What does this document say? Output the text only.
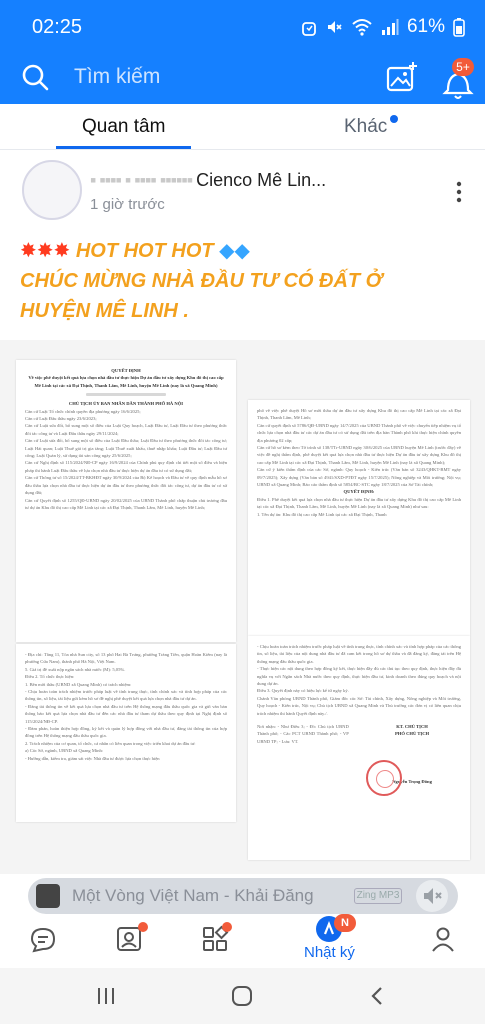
02:25	61%
Tìm kiếm	5+
Quan tâm	Khác
▪ ▪▪▪▪ ▪ ▪▪▪▪ ▪▪▪▪▪▪ Cienco Mê Lin...
1 giờ trước
✸✸✸ HOT HOT HOT ◆◆
CHÚC MỪNG NHÀ ĐẦU TƯ CÓ ĐẤT Ở
HUYỆN MÊ LINH .

QUYẾT ĐỊNH

Về việc phê duyệt kết quả lựa chọn nhà đầu tư thực hiện Dự án đầu tư xây dựng Khu đô thị cao cấp Mê Linh tại các xã Đại Thịnh, Thanh Lâm, Mê Linh, huyện Mê Linh (nay là xã Quang Minh)

CHỦ TỊCH ỦY BAN NHÂN DÂN THÀNH PHỐ HÀ NỘI

Căn cứ Luật Tổ chức chính quyền địa phương ngày 16/6/2025;

Căn cứ Luật Đấu thầu ngày 23/6/2023;

Căn cứ Luật sửa đổi, bổ sung một số điều của Luật Quy hoạch, Luật Đầu tư, Luật Đầu tư theo phương thức đối tác công tư và Luật Đấu thầu ngày 29/11/2024;

Căn cứ Luật sửa đổi, bổ sung một số điều của Luật Đầu thầu; Luật Đầu tư theo phương thức đối tác công tư; Luật Hải quan; Luật Thuế giá trị gia tăng; Luật Thuế xuất khẩu, thuế nhập khẩu; Luật Đầu tư; Luật Đầu tư công; Luật Quản lý, sử dụng tài sản công ngày 25/6/2025;

Căn cứ Nghị định số 115/2024/NĐ-CP ngày 16/9/2024 của Chính phủ quy định chi tiết một số điều và biện pháp thi hành Luật Đấu thầu về lựa chọn nhà đầu tư thực hiện dự án đầu tư có sử dụng đất;

Căn cứ Thông tư số 15/2024/TT-BKHĐT ngày 30/9/2024 của Bộ Kế hoạch và Đầu tư về quy định mẫu hồ sơ đấu thầu lựa chọn nhà đầu tư thực hiện dự án đầu tư theo phương thức đối tác công tư, dự án đầu tư có sử dụng đất;

Căn cứ Quyết định số 1255/QĐ-UBND ngày 20/02/2025 của UBND Thành phố chấp thuận chủ trương đầu tư dự án Khu đô thị cao cấp Mê Linh tại các xã Đại Thịnh, Thanh Lâm, Mê Linh, huyện Mê Linh;

phố về việc phê duyệt Hồ sơ mời thầu dự án đầu tư xây dựng Khu đô thị cao cấp Mê Linh tại các xã Đại Thịnh, Thanh Lâm, Mê Linh;

Căn cứ quyết định số 5786/QĐ-UBND ngày 14/7/2025 của UBND Thành phố về việc chuyển tiếp nhiệm vụ tổ chức lựa chọn nhà đầu tư các dự án đầu tư có sử dụng đất trên địa bàn Thành phố khi thực hiện chính quyền địa phương 02 cấp;

Căn cứ hồ sơ kèm theo Tờ trình số 138/TTr-UBND ngày 30/6/2025 của UBND huyện Mê Linh (trước đây) về việc đề nghị thẩm định, phê duyệt kết quả lựa chọn nhà đầu tư thực hiện Dự án đầu tư xây dựng Khu đô thị cao cấp Mê Linh tại các xã Đại Thịnh, Thanh Lâm, Mê Linh, huyện Mê Linh (nay là xã Quang Minh);

Căn cứ ý kiến thẩm định của các Sở, ngành: Quy hoạch - Kiến trúc (Văn bản số 3243/QHKT-BMT ngày 09/7/2025); Xây dựng (Văn bản số 4941/SXD-PTĐT ngày 15/7/2025); Nông nghiệp và Môi trường; Nội vụ; UBND xã Quang Minh; Báo cáo thẩm định số 5854/BC-STC ngày 18/7/2025 của Sở Tài chính;

QUYẾT ĐỊNH:

Điều 1. Phê duyệt kết quả lựa chọn nhà đầu tư thực hiện Dự án đầu tư xây dựng Khu đô thị cao cấp Mê Linh tại các xã Đại Thịnh, Thanh Lâm, Mê Linh, huyện Mê Linh (nay là xã Quang Minh) như sau:

1. Tên dự án: Khu đô thị cao cấp Mê Linh tại các xã Đại Thịnh, Thanh

- Địa chỉ: Tầng 11, Tòa nhà Sun city, số 13 phố Hai Bà Trưng, phường Tràng Tiền, quận Hoàn Kiếm (nay là phường Cửa Nam), thành phố Hà Nội, Việt Nam.

5. Giá trị đề xuất nộp ngân sách nhà nước (M): 5,05%.

Điều 2. Tổ chức thực hiện:

1. Bên mời thầu (UBND xã Quang Minh) có trách nhiệm:

- Chịu hoàn toàn trách nhiệm trước pháp luật về tính trung thực, tính chính xác và tính hợp pháp của các thông tin, số liệu, tài liệu gửi kèm hồ sơ đề nghị phê duyệt kết quả lựa chọn nhà đầu tư dự án.

- Đăng tải thông tin về kết quả lựa chọn nhà đầu tư trên Hệ thống mạng đấu thầu quốc gia và gửi văn bản thông báo kết quả lựa chọn nhà đầu tư đến các nhà đầu tư tham dự thầu theo quy định tại Nghị định số 115/2024/NĐ-CP.

- Đàm phán, hoàn thiện hợp đồng, ký kết và quản lý hợp đồng với nhà đầu tư, đăng tải thông tin của hợp đồng trên Hệ thống mạng đấu thầu quốc gia.

2. Trách nhiệm của cơ quan, tổ chức, cá nhân có liên quan trong việc triển khai dự án đầu tư:

a) Các Sở, ngành, UBND xã Quang Minh:

- Hướng dẫn, kiểm tra, giám sát việc Nhà đầu tư được lựa chọn thực hiện

- Chịu hoàn toàn trách nhiệm trước pháp luật về tính trung thực, tính chính xác và tính hợp pháp của các thông tin, số liệu, tài liệu của nội dung nhà đầu tư đã cam kết trong hồ sơ dự thầu và đã đăng ký, đăng tải trên Hệ thống mạng đấu thầu quốc gia.

- Thực hiện các nội dung theo hợp đồng ký kết, thực hiện đầy đủ các thủ tục theo quy định, thực hiện đầy đủ nghĩa vụ với Ngân sách Nhà nước theo quy định, thực hiện đầu tư, kinh doanh theo đúng quy hoạch và nội dung dự án.

Điều 3. Quyết định này có hiệu lực kể từ ngày ký.

Chánh Văn phòng UBND Thành phố, Giám đốc các Sở: Tài chính, Xây dựng, Nông nghiệp và Môi trường, Quy hoạch - Kiến trúc, Nội vụ; Chủ tịch UBND xã Quang Minh và Thủ trưởng các đơn vị có liên quan chịu trách nhiệm thi hành Quyết định này./.

Nơi nhận: - Như Điều 3; - Đ/c Chủ tịch UBND Thành phố; - Các PCT UBND Thành phố; - VP UBND TP; - Lưu: VT.

KT. CHỦ TỊCH

PHÓ CHỦ TỊCH

Nguyễn Trọng Đông

Một Vòng Việt Nam - Khải Đăng	Zing MP3
N
Nhật ký
